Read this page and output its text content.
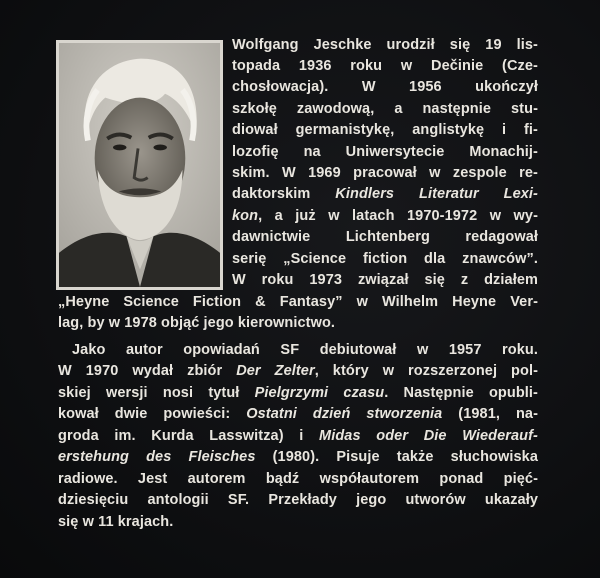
Wolfgang Jeschke urodził się 19 lis-

topada 1936 roku w Dečinie (Cze-

chosłowacja). W 1956 ukończył

szkołę zawodową, a następnie stu-

diował germanistykę, anglistykę i fi-

lozofię na Uniwersytecie Monachij-

skim. W 1969 pracował w zespole re-

daktorskim Kindlers Literatur Lexi-

kon, a już w latach 1970-1972 w wy-

dawnictwie Lichtenberg redagował

serię „Science fiction dla znawców”.

W roku 1973 związał się z działem

„Heyne Science Fiction & Fantasy” w Wilhelm Heyne Ver-

lag, by w 1978 objąć jego kierownictwo.

Jako autor opowiadań SF debiutował w 1957 roku.

W 1970 wydał zbiór Der Zelter, który w rozszerzonej pol-

skiej wersji nosi tytuł Pielgrzymi czasu. Następnie opubli-

kował dwie powieści: Ostatni dzień stworzenia (1981, na-

groda im. Kurda Lasswitza) i Midas oder Die Wiederauf-

erstehung des Fleisches (1980). Pisuje także słuchowiska

radiowe. Jest autorem bądź współautorem ponad pięć-

dziesięciu antologii SF. Przekłady jego utworów ukazały

się w 11 krajach.
